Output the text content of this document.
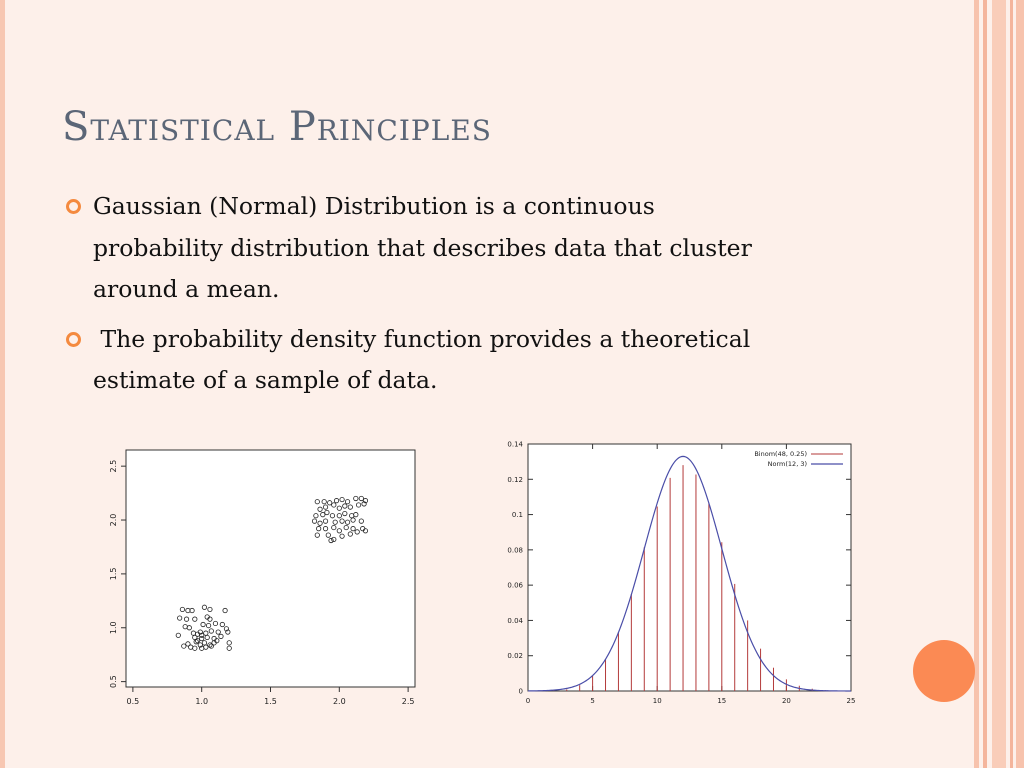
Statistical Principles
Gaussian (Normal) Distribution is a continuous probability distribution that describes data that cluster around a mean.
The probability density function provides a theoretical estimate of a sample of data.
0.5	1.0	1.5	2.0	2.5
0.5
1.0
1.5
2.0
2.5
0	5	10	15	20	25
0
0.02
0.04
0.06
0.08
0.1
0.12
0.14
Binom(48, 0.25)
Norm(12, 3)
